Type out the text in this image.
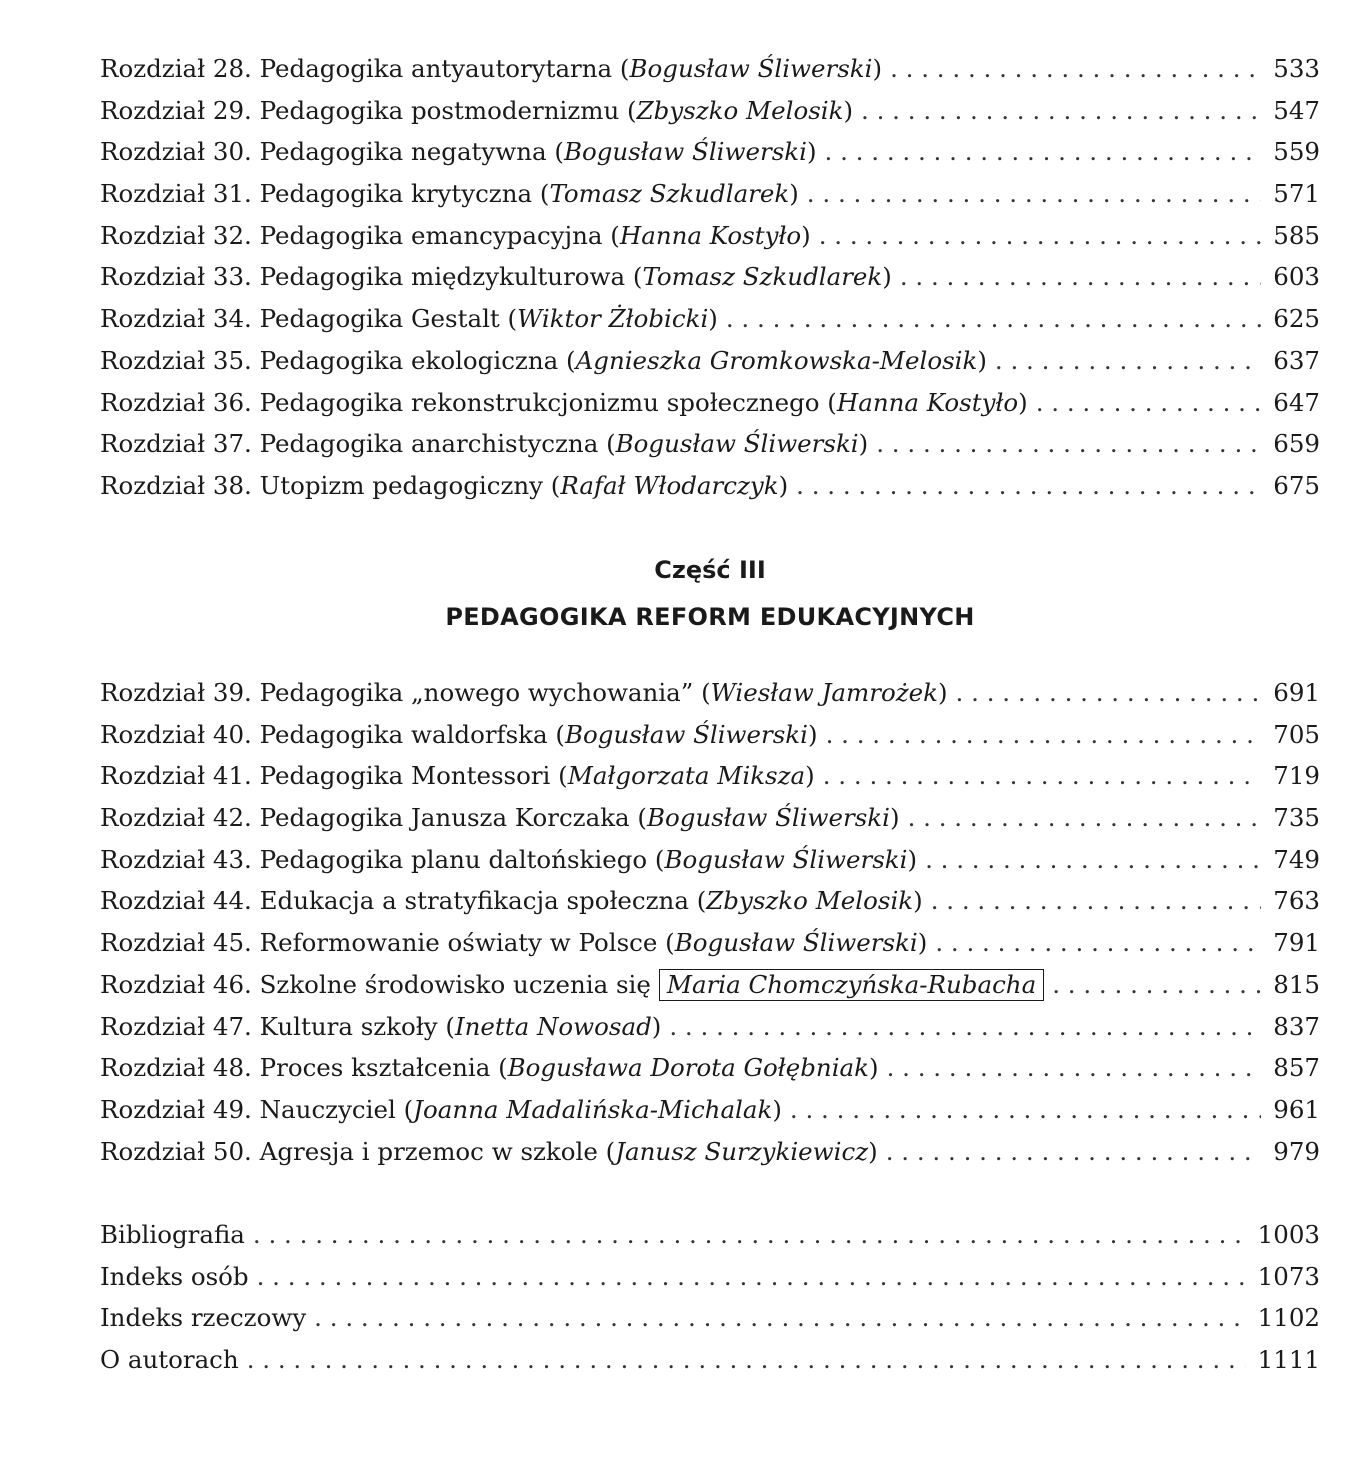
Rozdział 28. Pedagogika antyautorytarna (Bogusław Śliwerski) . . .	533
Rozdział 29. Pedagogika postmodernizmu (Zbyszko Melosik) . . .	547
Rozdział 30. Pedagogika negatywna (Bogusław Śliwerski) . . .	559
Rozdział 31. Pedagogika krytyczna (Tomasz Szkudlarek) . . .	571
Rozdział 32. Pedagogika emancypacyjna (Hanna Kostyło) . . .	585
Rozdział 33. Pedagogika międzykulturowa (Tomasz Szkudlarek) . . .	603
Rozdział 34. Pedagogika Gestalt (Wiktor Żłobicki) . . .	625
Rozdział 35. Pedagogika ekologiczna (Agnieszka Gromkowska-Melosik) . . .	637
Rozdział 36. Pedagogika rekonstrukcjonizmu społecznego (Hanna Kostyło) . . .	647
Rozdział 37. Pedagogika anarchistyczna (Bogusław Śliwerski) . . .	659
Rozdział 38. Utopizm pedagogiczny (Rafał Włodarczyk) . . .	675
Część III
PEDAGOGIKA REFORM EDUKACYJNYCH
Rozdział 39. Pedagogika „nowego wychowania” (Wiesław Jamrożek) . . .	691
Rozdział 40. Pedagogika waldorfska (Bogusław Śliwerski) . . .	705
Rozdział 41. Pedagogika Montessori (Małgorzata Miksza) . . .	719
Rozdział 42. Pedagogika Janusza Korczaka (Bogusław Śliwerski) . . .	735
Rozdział 43. Pedagogika planu daltońskiego (Bogusław Śliwerski) . . .	749
Rozdział 44. Edukacja a stratyfikacja społeczna (Zbyszko Melosik) . . .	763
Rozdział 45. Reformowanie oświaty w Polsce (Bogusław Śliwerski) . . .	791
Rozdział 46. Szkolne środowisko uczenia się Maria Chomczyńska-Rubacha . . .	815
Rozdział 47. Kultura szkoły (Inetta Nowosad) . . .	837
Rozdział 48. Proces kształcenia (Bogusława Dorota Gołębniak) . . .	857
Rozdział 49. Nauczyciel (Joanna Madalińska-Michalak) . . .	961
Rozdział 50. Agresja i przemoc w szkole (Janusz Surzykiewicz) . . .	979
Bibliografia . . .	1003
Indeks osób . . .	1073
Indeks rzeczowy . . .	1102
O autorach . . .	1111
